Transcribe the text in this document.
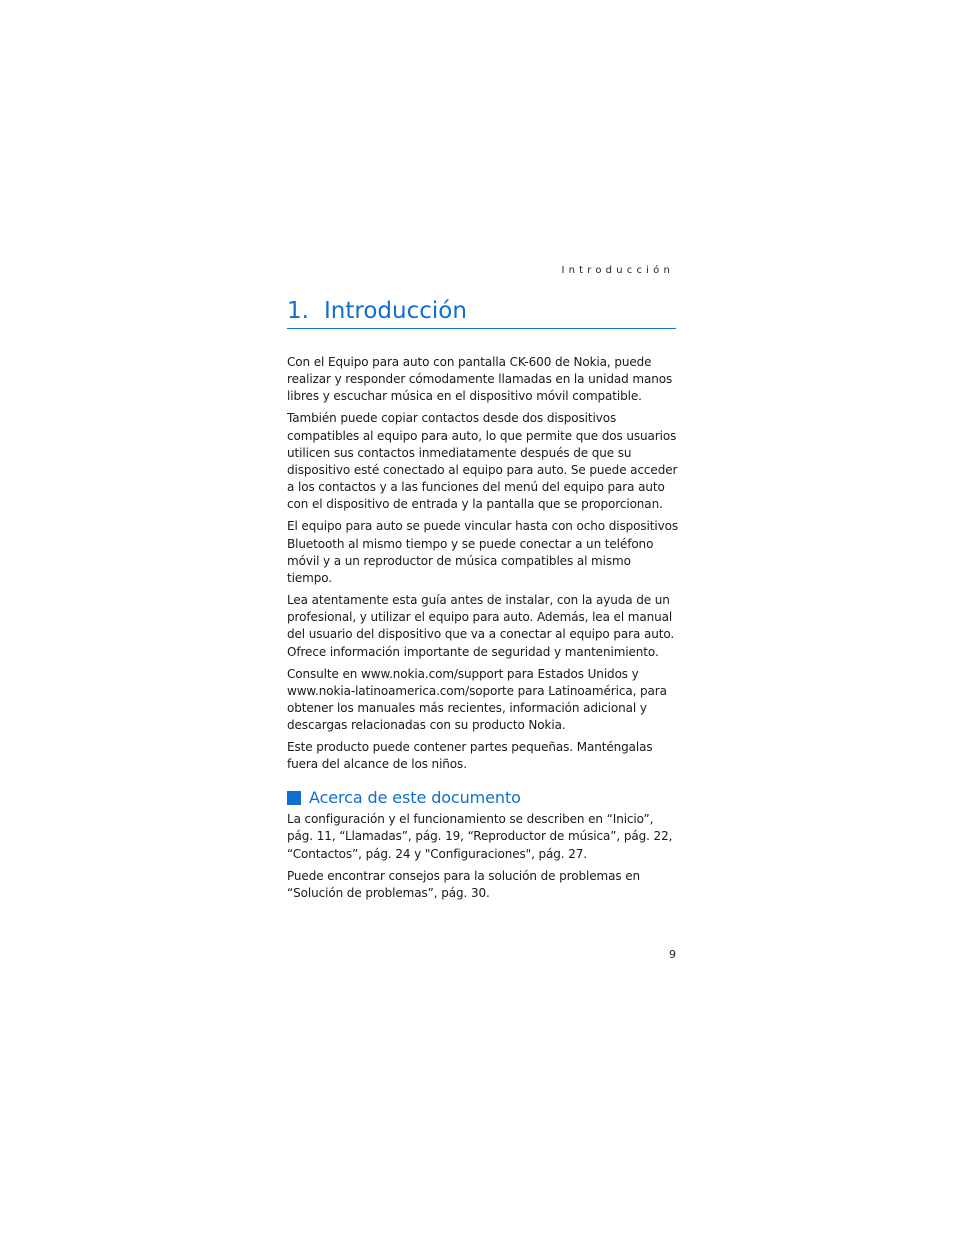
Introducción
1. Introducción

Con el Equipo para auto con pantalla CK-600 de Nokia, puede realizar y responder cómodamente llamadas en la unidad manos libres y escuchar música en el dispositivo móvil compatible.

También puede copiar contactos desde dos dispositivos compatibles al equipo para auto, lo que permite que dos usuarios utilicen sus contactos inmediatamente después de que su dispositivo esté conectado al equipo para auto. Se puede acceder a los contactos y a las funciones del menú del equipo para auto con el dispositivo de entrada y la pantalla que se proporcionan.

El equipo para auto se puede vincular hasta con ocho dispositivos Bluetooth al mismo tiempo y se puede conectar a un teléfono móvil y a un reproductor de música compatibles al mismo tiempo.

Lea atentamente esta guía antes de instalar, con la ayuda de un profesional, y utilizar el equipo para auto. Además, lea el manual del usuario del dispositivo que va a conectar al equipo para auto. Ofrece información importante de seguridad y mantenimiento.

Consulte en www.nokia.com/support para Estados Unidos y www.nokia-latinoamerica.com/soporte para Latinoamérica, para obtener los manuales más recientes, información adicional y descargas relacionadas con su producto Nokia.

Este producto puede contener partes pequeñas. Manténgalas fuera del alcance de los niños.

Acerca de este documento

La configuración y el funcionamiento se describen en “Inicio”, pág. 11, “Llamadas”, pág. 19, “Reproductor de música”, pág. 22, “Contactos”, pág. 24 y "Configuraciones", pág. 27.

Puede encontrar consejos para la solución de problemas en “Solución de problemas”, pág. 30.

9
